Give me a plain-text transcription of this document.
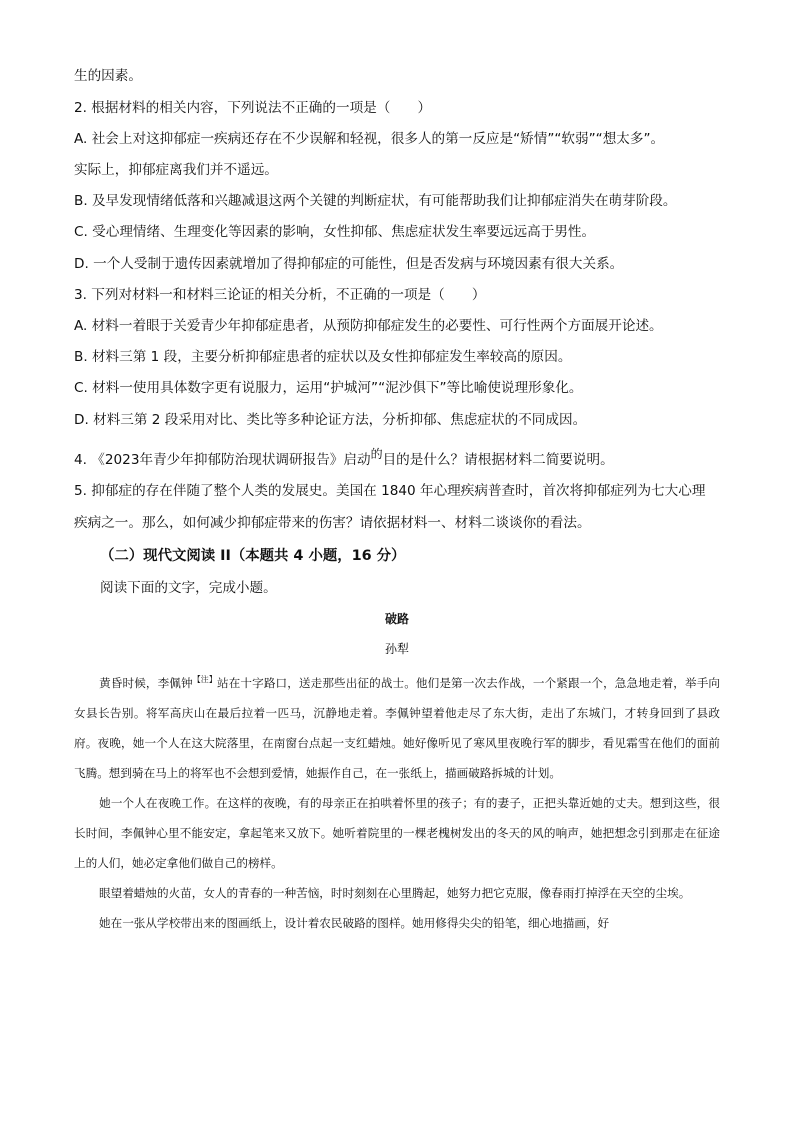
生的因素。
2. 根据材料的相关内容，下列说法不正确的一项是（　　）
A. 社会上对这抑郁症一疾病还存在不少误解和轻视，很多人的第一反应是“矫情”“软弱”“想太多”。
实际上，抑郁症离我们并不遥远。
B. 及早发现情绪低落和兴趣减退这两个关键的判断症状，有可能帮助我们让抑郁症消失在萌芽阶段。
C. 受心理情绪、生理变化等因素的影响，女性抑郁、焦虑症状发生率要远远高于男性。
D. 一个人受制于遗传因素就增加了得抑郁症的可能性，但是否发病与环境因素有很大关系。
3. 下列对材料一和材料三论证的相关分析，不正确的一项是（　　）
A. 材料一着眼于关爱青少年抑郁症患者，从预防抑郁症发生的必要性、可行性两个方面展开论述。
B. 材料三第 1 段，主要分析抑郁症患者的症状以及女性抑郁症发生率较高的原因。
C. 材料一使用具体数字更有说服力，运用“护城河”“泥沙俱下”等比喻使说理形象化。
D. 材料三第 2 段采用对比、类比等多种论证方法，分析抑郁、焦虑症状的不同成因。
4. 《2023年青少年抑郁防治现状调研报告》启动的目的是什么？请根据材料二简要说明。
5. 抑郁症的存在伴随了整个人类的发展史。美国在 1840 年心理疾病普查时，首次将抑郁症列为七大心理
疾病之一。那么，如何减少抑郁症带来的伤害？请依据材料一、材料二谈谈你的看法。
（二）现代文阅读 II（本题共 4 小题，16 分）
阅读下面的文字，完成小题。
破路
孙犁

黄昏时候，李佩钟$^{【注】}$站在十字路口，送走那些出征的战士。他们是第一次去作战，一个紧跟一个，急急地走着，举手向女县长告别。将军高庆山在最后拉着一匹马，沉静地走着。李佩钟望着他走尽了东大街，走出了东城门，才转身回到了县政府。夜晚，她一个人在这大院落里，在南窗台点起一支红蜡烛。她好像听见了寒风里夜晚行军的脚步，看见霜雪在他们的面前飞腾。想到骑在马上的将军也不会想到爱情，她振作自己，在一张纸上，描画破路拆城的计划。

她一个人在夜晚工作。在这样的夜晚，有的母亲正在拍哄着怀里的孩子；有的妻子，正把头靠近她的丈夫。想到这些，很长时间，李佩钟心里不能安定，拿起笔来又放下。她听着院里的一棵老槐树发出的冬天的风的响声，她把想念引到那走在征途上的人们，她必定拿他们做自己的榜样。

眼望着蜡烛的火苗，女人的青春的一种苦恼，时时刻刻在心里腾起，她努力把它克服，像春雨打掉浮在天空的尘埃。

她在一张从学校带出来的图画纸上，设计着农民破路的图样。她用修得尖尖的铅笔，细心地描画，好
